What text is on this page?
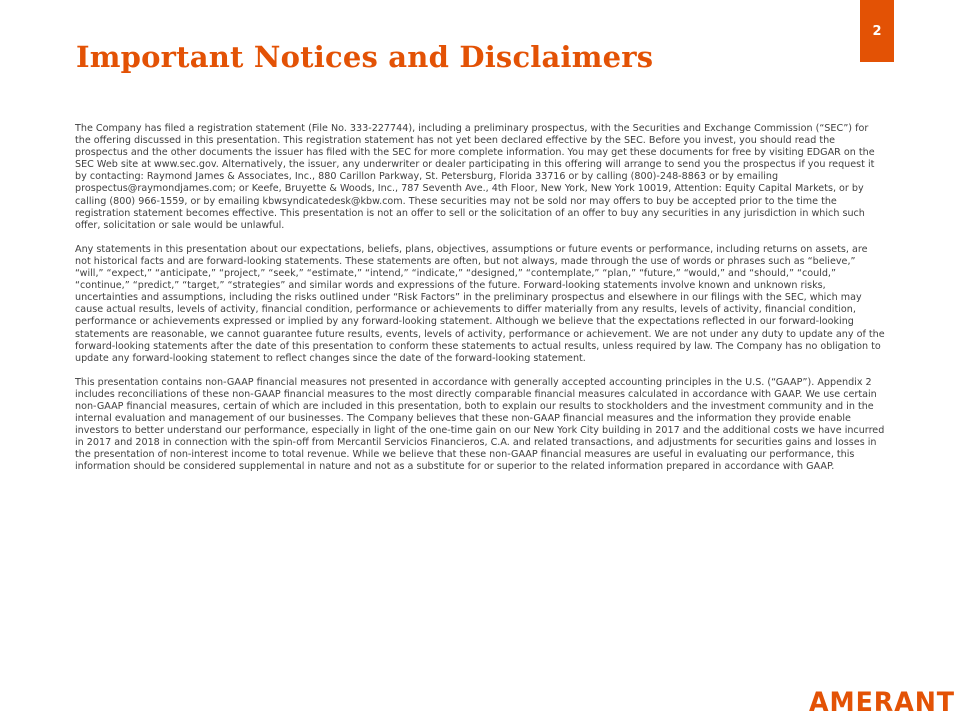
2
Important Notices and Disclaimers

The Company has filed a registration statement (File No. 333-227744), including a preliminary prospectus, with the Securities and Exchange Commission (“SEC”) for the offering discussed in this presentation. This registration statement has not yet been declared effective by the SEC. Before you invest, you should read the prospectus and the other documents the issuer has filed with the SEC for more complete information. You may get these documents for free by visiting EDGAR on the SEC Web site at www.sec.gov. Alternatively, the issuer, any underwriter or dealer participating in this offering will arrange to send you the prospectus if you request it by contacting: Raymond James & Associates, Inc., 880 Carillon Parkway, St. Petersburg, Florida 33716 or by calling (800)-248-8863 or by emailing prospectus@raymondjames.com; or Keefe, Bruyette & Woods, Inc., 787 Seventh Ave., 4th Floor, New York, New York 10019, Attention: Equity Capital Markets, or by calling (800) 966-1559, or by emailing kbwsyndicatedesk@kbw.com. These securities may not be sold nor may offers to buy be accepted prior to the time the registration statement becomes effective. This presentation is not an offer to sell or the solicitation of an offer to buy any securities in any jurisdiction in which such offer, solicitation or sale would be unlawful.

Any statements in this presentation about our expectations, beliefs, plans, objectives, assumptions or future events or performance, including returns on assets, are not historical facts and are forward-looking statements. These statements are often, but not always, made through the use of words or phrases such as “believe,” “will,” “expect,” “anticipate,” “project,” “seek,” “estimate,” “intend,” “indicate,” “designed,” “contemplate,” “plan,” “future,” “would,” and “should,” “could,” “continue,” “predict,” “target,” “strategies” and similar words and expressions of the future. Forward-looking statements involve known and unknown risks, uncertainties and assumptions, including the risks outlined under “Risk Factors” in the preliminary prospectus and elsewhere in our filings with the SEC, which may cause actual results, levels of activity, financial condition, performance or achievements to differ materially from any results, levels of activity, financial condition, performance or achievements expressed or implied by any forward-looking statement. Although we believe that the expectations reflected in our forward-looking statements are reasonable, we cannot guarantee future results, events, levels of activity, performance or achievement. We are not under any duty to update any of the forward-looking statements after the date of this presentation to conform these statements to actual results, unless required by law. The Company has no obligation to update any forward-looking statement to reflect changes since the date of the forward-looking statement.

This presentation contains non-GAAP financial measures not presented in accordance with generally accepted accounting principles in the U.S. (“GAAP”). Appendix 2 includes reconciliations of these non-GAAP financial measures to the most directly comparable financial measures calculated in accordance with GAAP. We use certain non-GAAP financial measures, certain of which are included in this presentation, both to explain our results to stockholders and the investment community and in the internal evaluation and management of our businesses. The Company believes that these non-GAAP financial measures and the information they provide enable investors to better understand our performance, especially in light of the one-time gain on our New York City building in 2017 and the additional costs we have incurred in 2017 and 2018 in connection with the spin-off from Mercantil Servicios Financieros, C.A. and related transactions, and adjustments for securities gains and losses in the presentation of non-interest income to total revenue. While we believe that these non-GAAP financial measures are useful in evaluating our performance, this information should be considered supplemental in nature and not as a substitute for or superior to the related information prepared in accordance with GAAP.

AMERANT
